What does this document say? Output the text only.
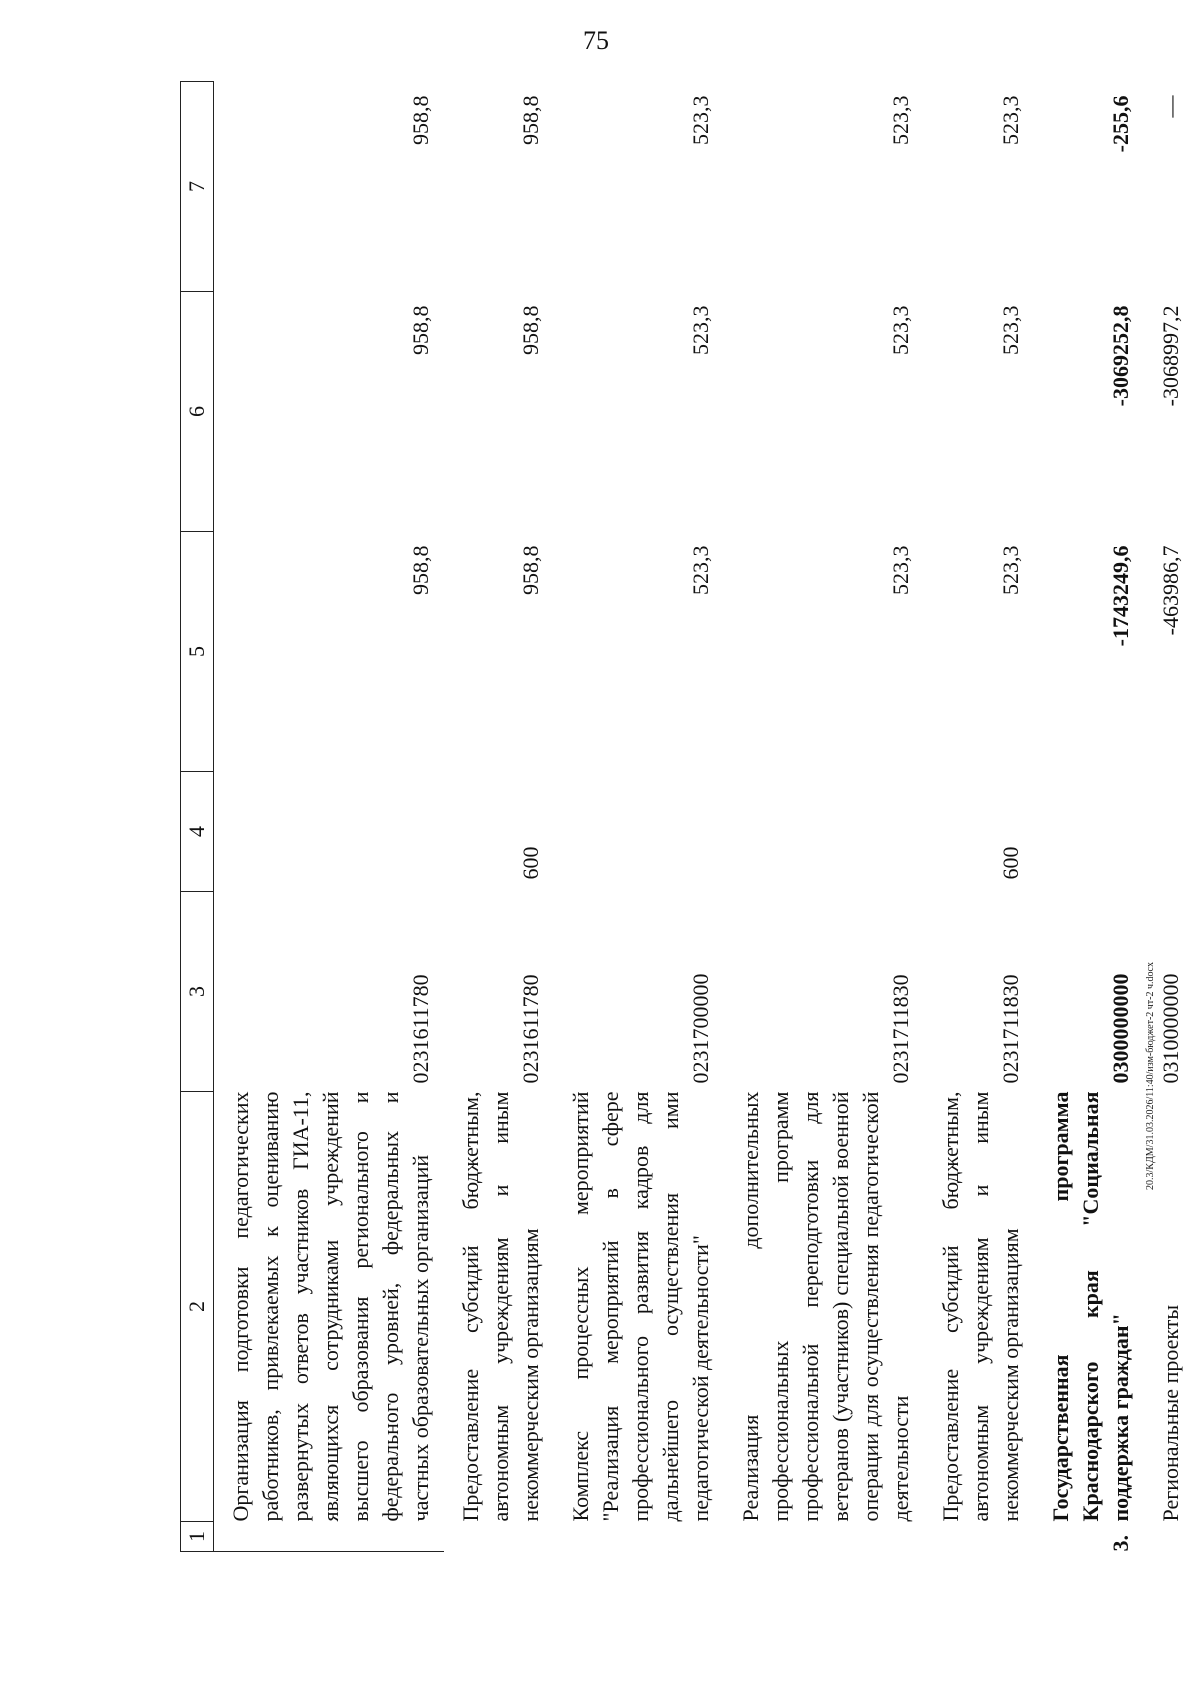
75
1	2	3	4	5	6	7
	Организация подготовки педагогических работников, привлекаемых к оцениванию развернутых ответов участников ГИА-11, являющихся сотрудниками учреждений высшего образования регионального и федерального уровней, федеральных и частных образовательных организаций	0231611780		958,8	958,8	958,8
	Предоставление субсидий бюджетным, автономным учреждениям и иным некоммерческим организациям	0231611780	600	958,8	958,8	958,8
	Комплекс процессных мероприятий "Реализация мероприятий в сфере профессионального развития кадров для дальнейшего осуществления ими педагогической деятельности"	0231700000		523,3	523,3	523,3
	Реализация дополнительных профессиональных программ профессиональной переподготовки для ветеранов (участников) специальной военной операции для осуществления педагогической деятельности	0231711830		523,3	523,3	523,3
	Предоставление субсидий бюджетным, автономным учреждениям и иным некоммерческим организациям	0231711830	600	523,3	523,3	523,3
3.	Государственная программа Краснодарского края "Социальная поддержка граждан"	0300000000		-1743249,6	-3069252,8	-255,6
	Региональные проекты	0310000000		-463986,7	-3068997,2	—
20.3/КДМ/31.03.2026/11:40/изм-бюджет-2 чт-2 ч.docx
